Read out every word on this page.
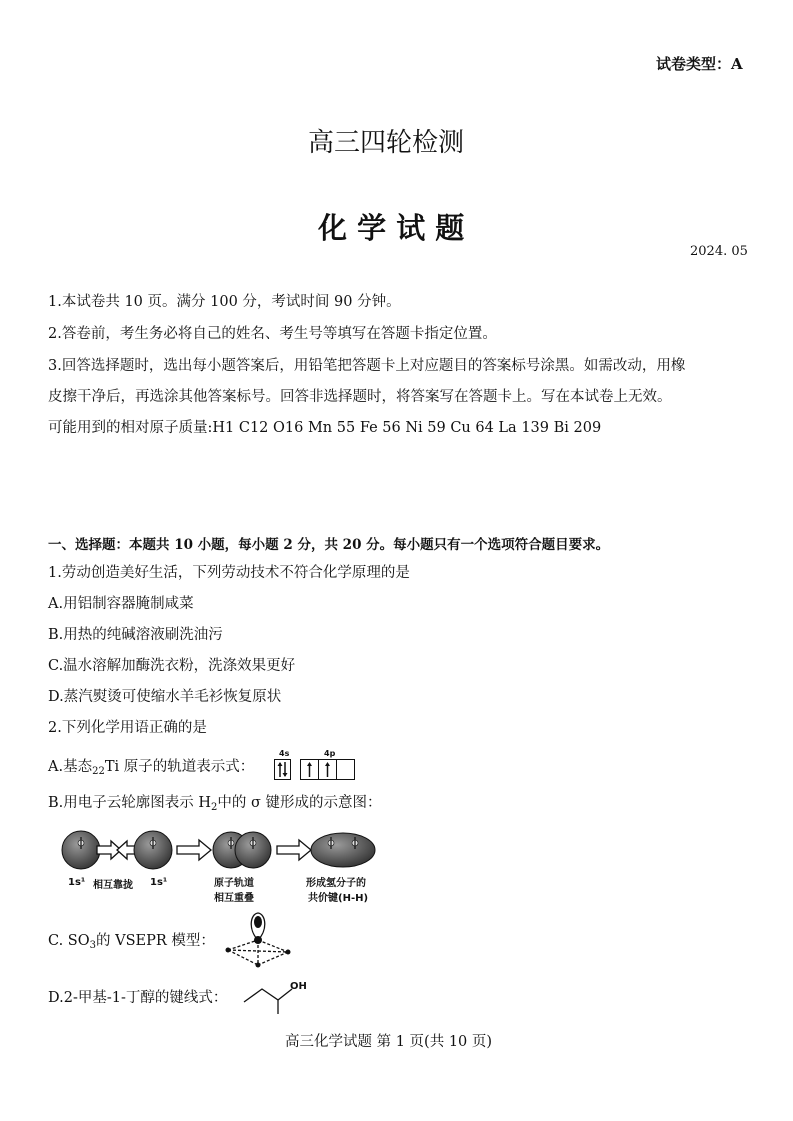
试卷类型：A
高三四轮检测
化 学 试 题
2024. 05
1.本试卷共 10 页。满分 100 分，考试时间 90 分钟。
2.答卷前，考生务必将自己的姓名、考生号等填写在答题卡指定位置。
3.回答选择题时，选出每小题答案后，用铅笔把答题卡上对应题目的答案标号涂黑。如需改动，用橡
皮擦干净后，再选涂其他答案标号。回答非选择题时，将答案写在答题卡上。写在本试卷上无效。
可能用到的相对原子质量:H1 C12 O16 Mn 55 Fe 56 Ni 59 Cu 64 La 139 Bi 209
一、选择题：本题共 10 小题，每小题 2 分，共 20 分。每小题只有一个选项符合题目要求。
1.劳动创造美好生活，下列劳动技术不符合化学原理的是
A.用铝制容器腌制咸菜
B.用热的纯碱溶液刷洗油污
C.温水溶解加酶洗衣粉，洗涤效果更好
D.蒸汽熨烫可使缩水羊毛衫恢复原状
2.下列化学用语正确的是
A.基态$_{22}$Ti 原子的轨道表示式：
4s	4p
B.用电子云轮廓图表示 $H_2$中的 σ 键形成的示意图：
1s¹ 相互靠拢 1s¹	原子轨道
相互重叠
形成氢分子的
共价键(H-H)
C. $SO_3$的 VSEPR 模型：
D.2-甲基-1-丁醇的键线式：
OH
高三化学试题 第 1 页(共 10 页)
